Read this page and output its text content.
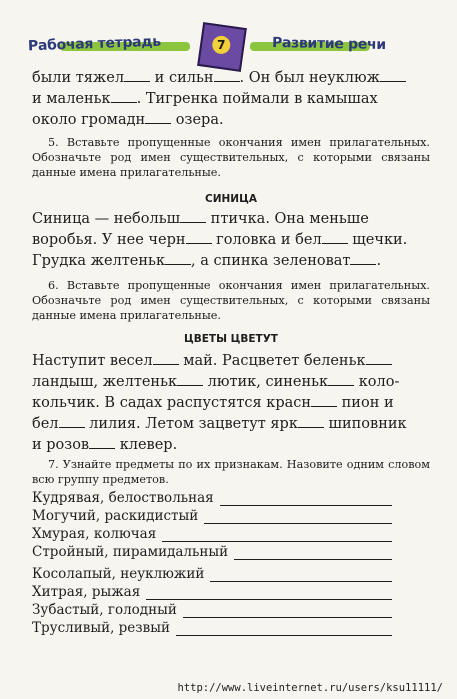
Рабочая тетрадь	7	Развитие речи

были тяжел и сильн . Он был неуклюж
и маленьк . Тигренка поймали в камышах
около громадн озера.

5. Вставьте пропущенные окончания имен прилагательных. Обозначьте род имен существительных, с которыми связаны данные имена прилагательные.

СИНИЦА

Синица — небольш птичка. Она меньше
воробья. У нее черн головка и бел щечки.
Грудка желтеньк , а спинка зеленоват .

6. Вставьте пропущенные окончания имен прилагательных. Обозначьте род имен существительных, с которыми связаны данные имена прилагательные.

ЦВЕТЫ ЦВЕТУТ

Наступит весел май. Расцветет беленьк
ландыш, желтеньк лютик, синеньк коло-
кольчик. В садах распустятся красн пион и
бел лилия. Летом зацветут ярк шиповник
и розов клевер.

7. Узнайте предметы по их признакам. Назовите одним словом всю группу предметов.

Кудрявая, белоствольная
Могучий, раскидистый
Хмурая, колючая
Стройный, пирамидальный
Косолапый, неуклюжий
Хитрая, рыжая
Зубастый, голодный
Трусливый, резвый
http://www.liveinternet.ru/users/ksu11111/
